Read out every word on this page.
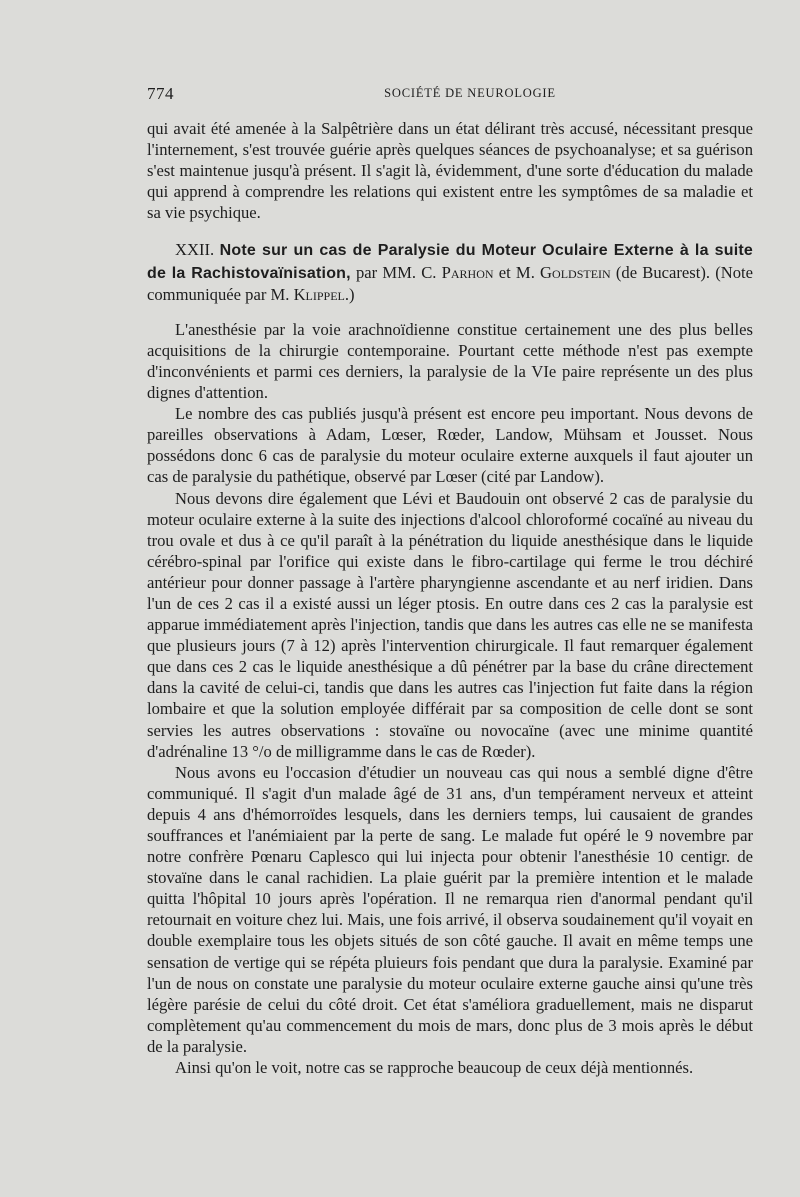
774	SOCIÉTÉ DE NEUROLOGIE

qui avait été amenée à la Salpêtrière dans un état délirant très accusé, nécessitant presque l'internement, s'est trouvée guérie après quelques séances de psychoanalyse; et sa guérison s'est maintenue jusqu'à présent. Il s'agit là, évidemment, d'une sorte d'éducation du malade qui apprend à comprendre les relations qui existent entre les symptômes de sa maladie et sa vie psychique.

XXII. Note sur un cas de Paralysie du Moteur Oculaire Externe à la suite de la Rachistovaïnisation, par MM. C. Parhon et M. Goldstein (de Bucarest). (Note communiquée par M. Klippel.)

L'anesthésie par la voie arachnoïdienne constitue certainement une des plus belles acquisitions de la chirurgie contemporaine. Pourtant cette méthode n'est pas exempte d'inconvénients et parmi ces derniers, la paralysie de la VIe paire représente un des plus dignes d'attention.

Le nombre des cas publiés jusqu'à présent est encore peu important. Nous devons de pareilles observations à Adam, Lœser, Rœder, Landow, Mühsam et Jousset. Nous possédons donc 6 cas de paralysie du moteur oculaire externe auxquels il faut ajouter un cas de paralysie du pathétique, observé par Lœser (cité par Landow).

Nous devons dire également que Lévi et Baudouin ont observé 2 cas de paralysie du moteur oculaire externe à la suite des injections d'alcool chloroformé cocaïné au niveau du trou ovale et dus à ce qu'il paraît à la pénétration du liquide anesthésique dans le liquide cérébro-spinal par l'orifice qui existe dans le fibro-cartilage qui ferme le trou déchiré antérieur pour donner passage à l'artère pharyngienne ascendante et au nerf iridien. Dans l'un de ces 2 cas il a existé aussi un léger ptosis. En outre dans ces 2 cas la paralysie est apparue immédiatement après l'injection, tandis que dans les autres cas elle ne se manifesta que plusieurs jours (7 à 12) après l'intervention chirurgicale. Il faut remarquer également que dans ces 2 cas le liquide anesthésique a dû pénétrer par la base du crâne directement dans la cavité de celui-ci, tandis que dans les autres cas l'injection fut faite dans la région lombaire et que la solution employée différait par sa composition de celle dont se sont servies les autres observations : stovaïne ou novocaïne (avec une minime quantité d'adrénaline 13 °/o de milligramme dans le cas de Rœder).

Nous avons eu l'occasion d'étudier un nouveau cas qui nous a semblé digne d'être communiqué. Il s'agit d'un malade âgé de 31 ans, d'un tempérament nerveux et atteint depuis 4 ans d'hémorroïdes lesquels, dans les derniers temps, lui causaient de grandes souffrances et l'anémiaient par la perte de sang. Le malade fut opéré le 9 novembre par notre confrère Pœnaru Caplesco qui lui injecta pour obtenir l'anesthésie 10 centigr. de stovaïne dans le canal rachidien. La plaie guérit par la première intention et le malade quitta l'hôpital 10 jours après l'opération. Il ne remarqua rien d'anormal pendant qu'il retournait en voiture chez lui. Mais, une fois arrivé, il observa soudainement qu'il voyait en double exemplaire tous les objets situés de son côté gauche. Il avait en même temps une sensation de vertige qui se répéta pluieurs fois pendant que dura la paralysie. Examiné par l'un de nous on constate une paralysie du moteur oculaire externe gauche ainsi qu'une très légère parésie de celui du côté droit. Cet état s'améliora graduellement, mais ne disparut complètement qu'au commencement du mois de mars, donc plus de 3 mois après le début de la paralysie.

Ainsi qu'on le voit, notre cas se rapproche beaucoup de ceux déjà mentionnés.
